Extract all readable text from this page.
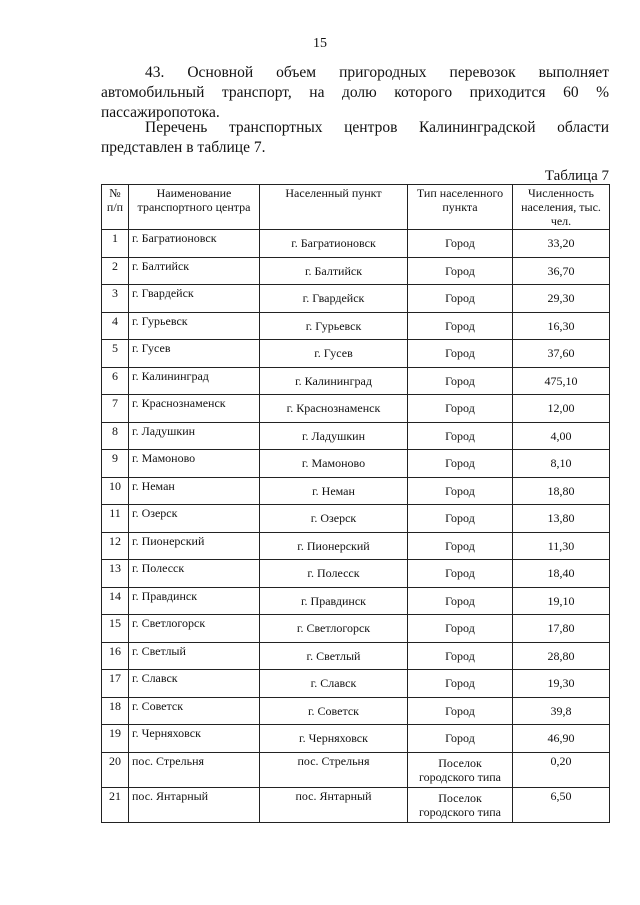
15

43. Основной объем пригородных перевозок выполняет автомобильный транспорт, на долю которого приходится 60 % пассажиропотока.

Перечень транспортных центров Калининградской области представлен в таблице 7.

Таблица 7
№ п/п	Наименование транспортного центра	Населенный пункт	Тип населенного пункта	Численность населения, тыс. чел.
1	г. Багратионовск	г. Багратионовск	Город	33,20
2	г. Балтийск	г. Балтийск	Город	36,70
3	г. Гвардейск	г. Гвардейск	Город	29,30
4	г. Гурьевск	г. Гурьевск	Город	16,30
5	г. Гусев	г. Гусев	Город	37,60
6	г. Калининград	г. Калининград	Город	475,10
7	г. Краснознаменск	г. Краснознаменск	Город	12,00
8	г. Ладушкин	г. Ладушкин	Город	4,00
9	г. Мамоново	г. Мамоново	Город	8,10
10	г. Неман	г. Неман	Город	18,80
11	г. Озерск	г. Озерск	Город	13,80
12	г. Пионерский	г. Пионерский	Город	11,30
13	г. Полесск	г. Полесск	Город	18,40
14	г. Правдинск	г. Правдинск	Город	19,10
15	г. Светлогорск	г. Светлогорск	Город	17,80
16	г. Светлый	г. Светлый	Город	28,80
17	г. Славск	г. Славск	Город	19,30
18	г. Советск	г. Советск	Город	39,8
19	г. Черняховск	г. Черняховск	Город	46,90
20	пос. Стрельня	пос. Стрельня	Поселок городского типа	0,20
21	пос. Янтарный	пос. Янтарный	Поселок городского типа	6,50
